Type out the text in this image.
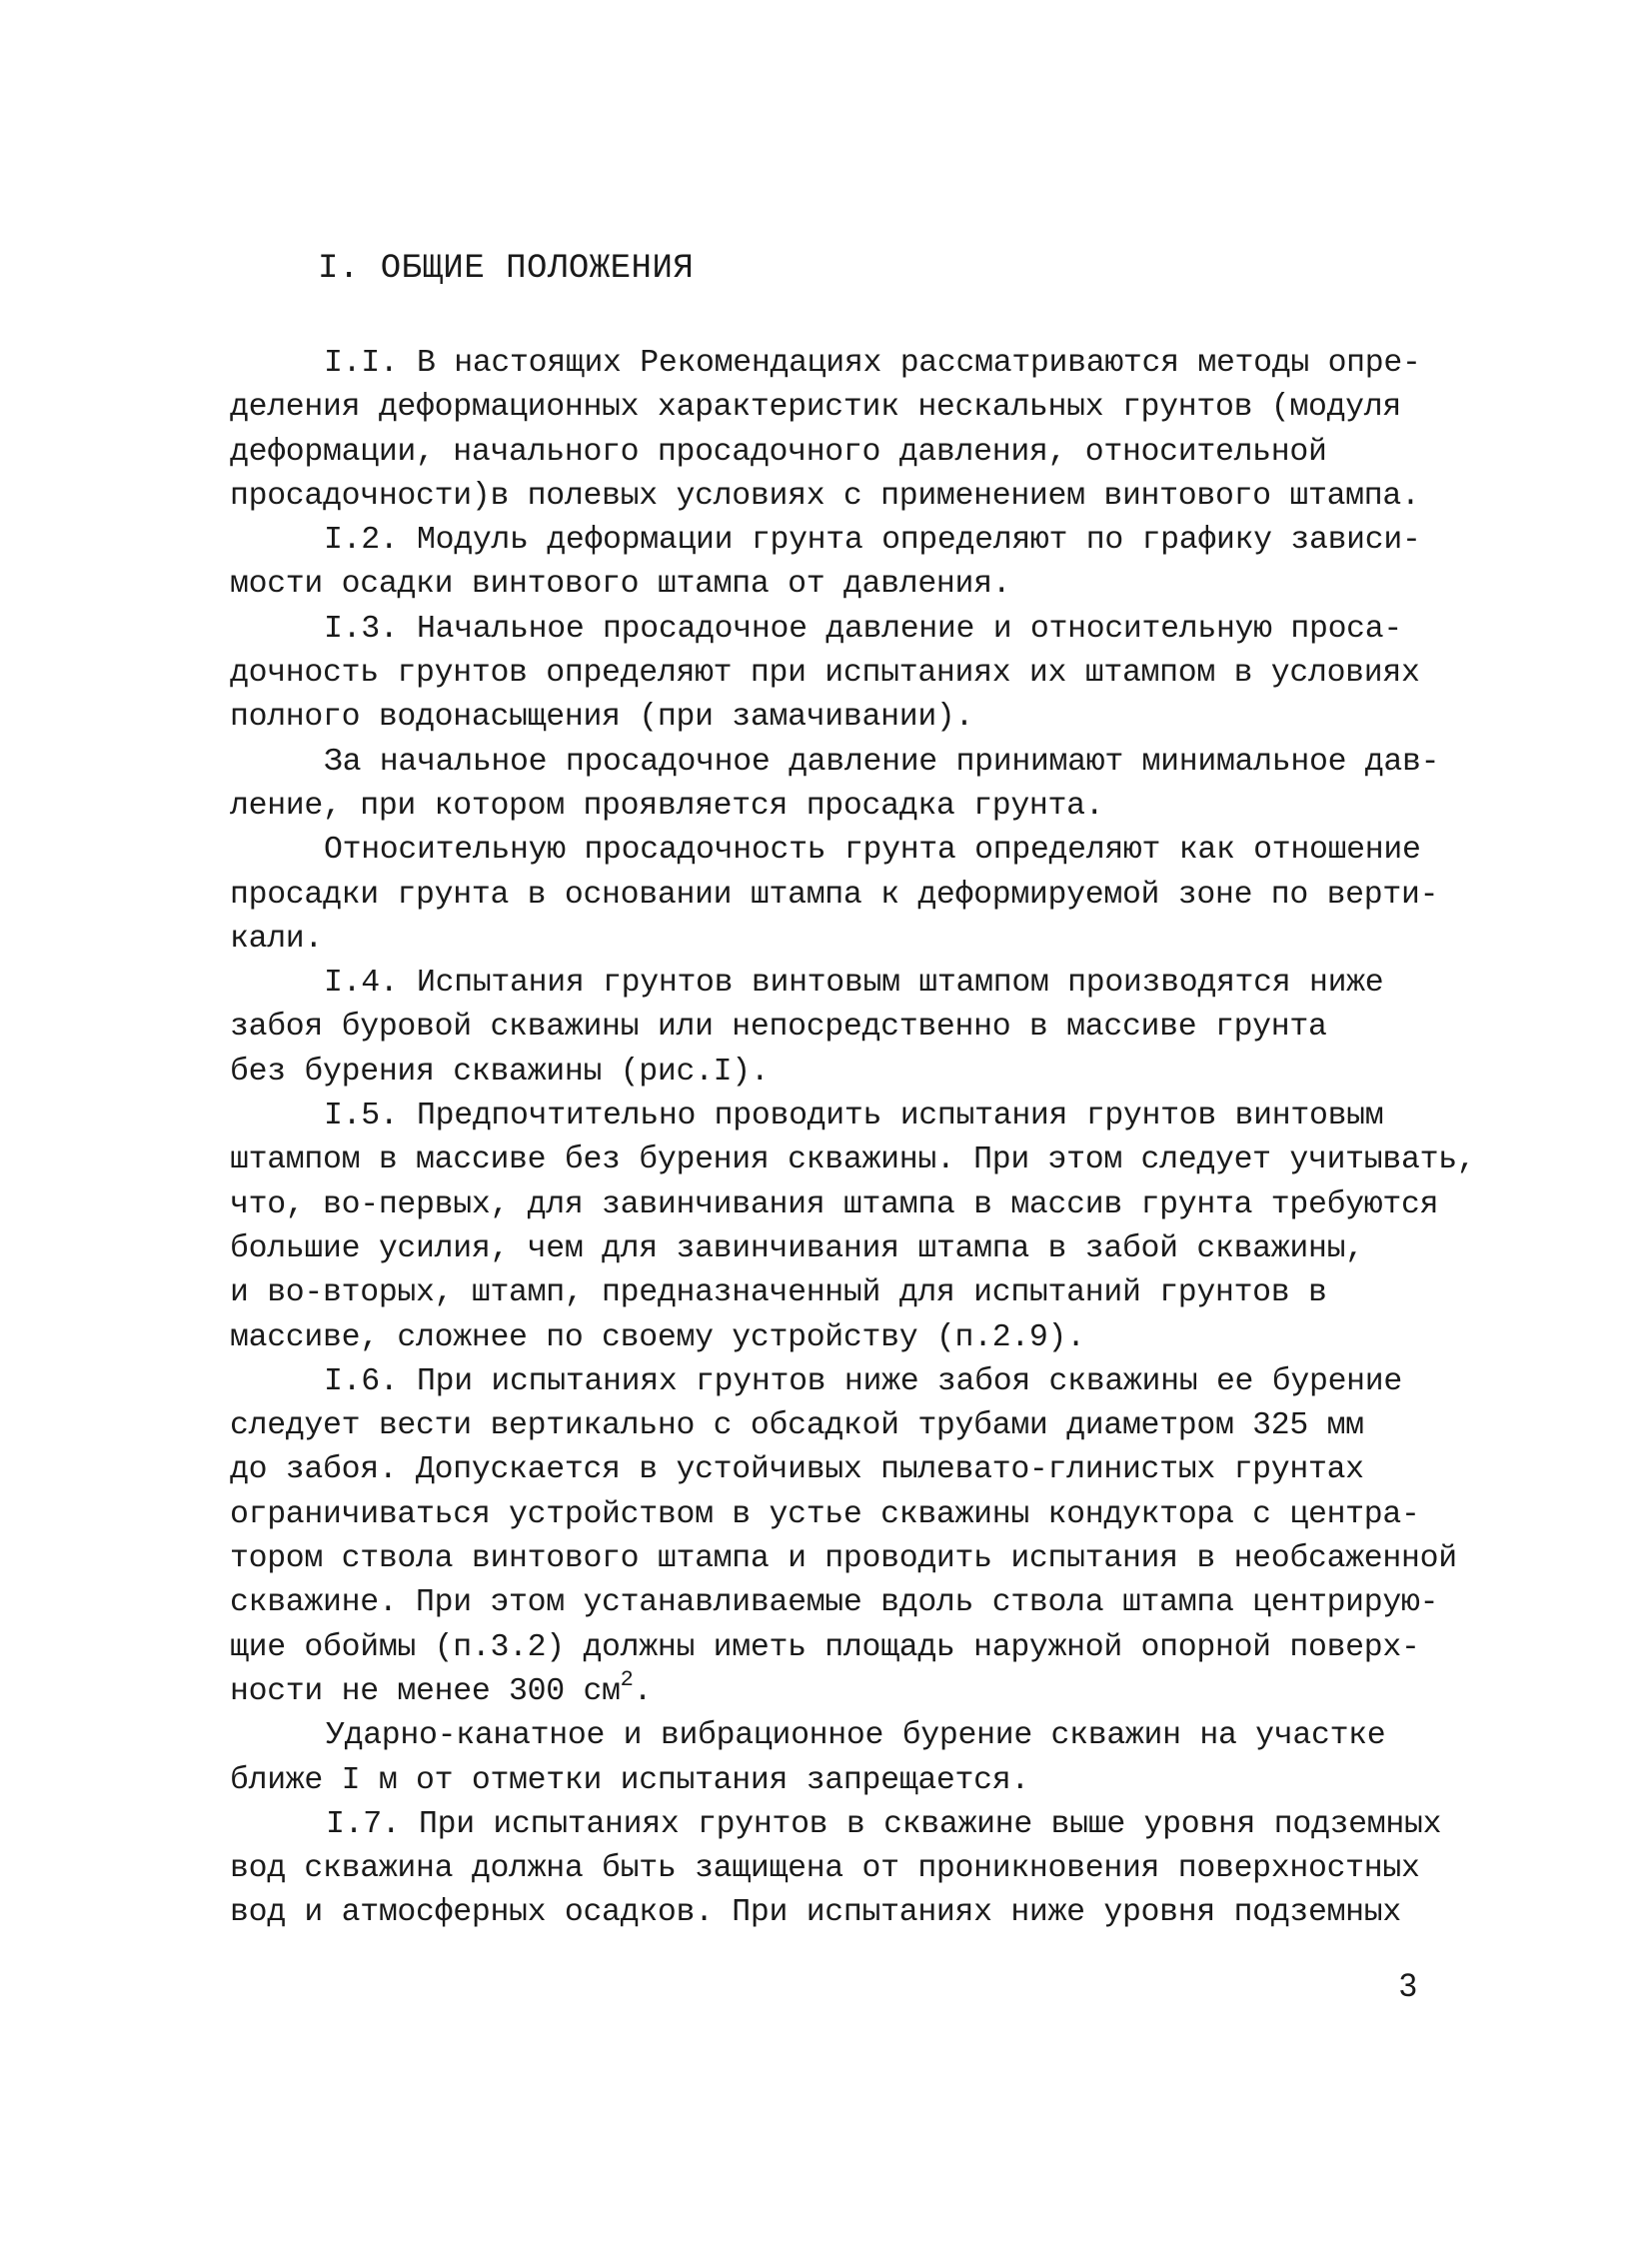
I. ОБЩИЕ ПОЛОЖЕНИЯ
I.I. В настоящих Рекомендациях рассматриваются методы опре-
деления деформационных характеристик нескальных грунтов (модуля
деформации, начального просадочного давления, относительной
просадочности)в полевых условиях с применением винтового штампа.
I.2. Модуль деформации грунта определяют по графику зависи-
мости осадки винтового штампа от давления.
I.3. Начальное просадочное давление и относительную проса-
дочность грунтов определяют при испытаниях их штампом в условиях
полного водонасыщения (при замачивании).
За начальное просадочное давление принимают минимальное дав-
ление, при котором проявляется просадка грунта.
Относительную просадочность грунта определяют как отношение
просадки грунта в основании штампа к деформируемой зоне по верти-
кали.
I.4. Испытания грунтов винтовым штампом производятся ниже
забоя буровой скважины или непосредственно в массиве грунта
без бурения скважины (рис.I).
I.5. Предпочтительно проводить испытания грунтов винтовым
штампом в массиве без бурения скважины. При этом следует учитывать,
что, во-первых, для завинчивания штампа в массив грунта требуются
большие усилия, чем для завинчивания штампа в забой скважины,
и во-вторых, штамп, предназначенный для испытаний грунтов в
массиве, сложнее по своему устройству (п.2.9).
I.6. При испытаниях грунтов ниже забоя скважины ее бурение
следует вести вертикально с обсадкой трубами диаметром 325 мм
до забоя. Допускается в устойчивых пылевато-глинистых грунтах
ограничиваться устройством в устье скважины кондуктора с центра-
тором ствола винтового штампа и проводить испытания в необсаженной
скважине. При этом устанавливаемые вдоль ствола штампа центрирую-
щие обоймы (п.3.2) должны иметь площадь наружной опорной поверх-
ности не менее 300 $см^2$.
Ударно-канатное и вибрационное бурение скважин на участке
ближе I м от отметки испытания запрещается.
I.7. При испытаниях грунтов в скважине выше уровня подземных
вод скважина должна быть защищена от проникновения поверхностных
вод и атмосферных осадков. При испытаниях ниже уровня подземных
3
